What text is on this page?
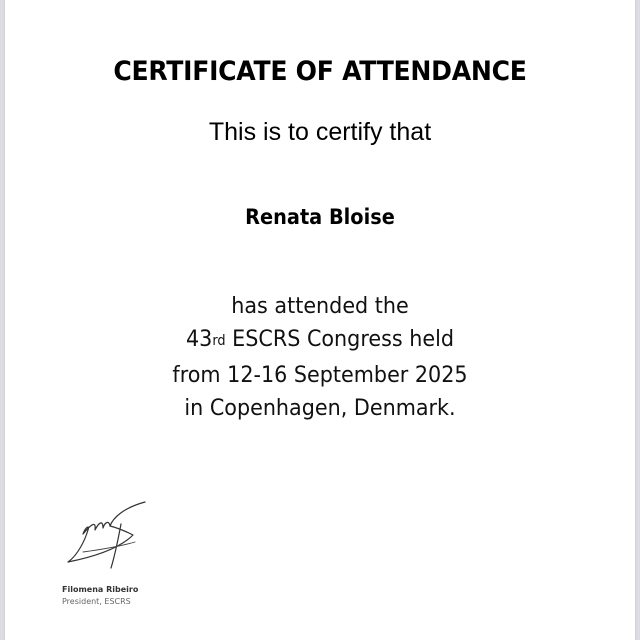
CERTIFICATE OF ATTENDANCE
This is to certify that
Renata Bloise
has attended the
43rd ESCRS Congress held
from 12-16 September 2025
in Copenhagen, Denmark.
Filomena Ribeiro
President, ESCRS
